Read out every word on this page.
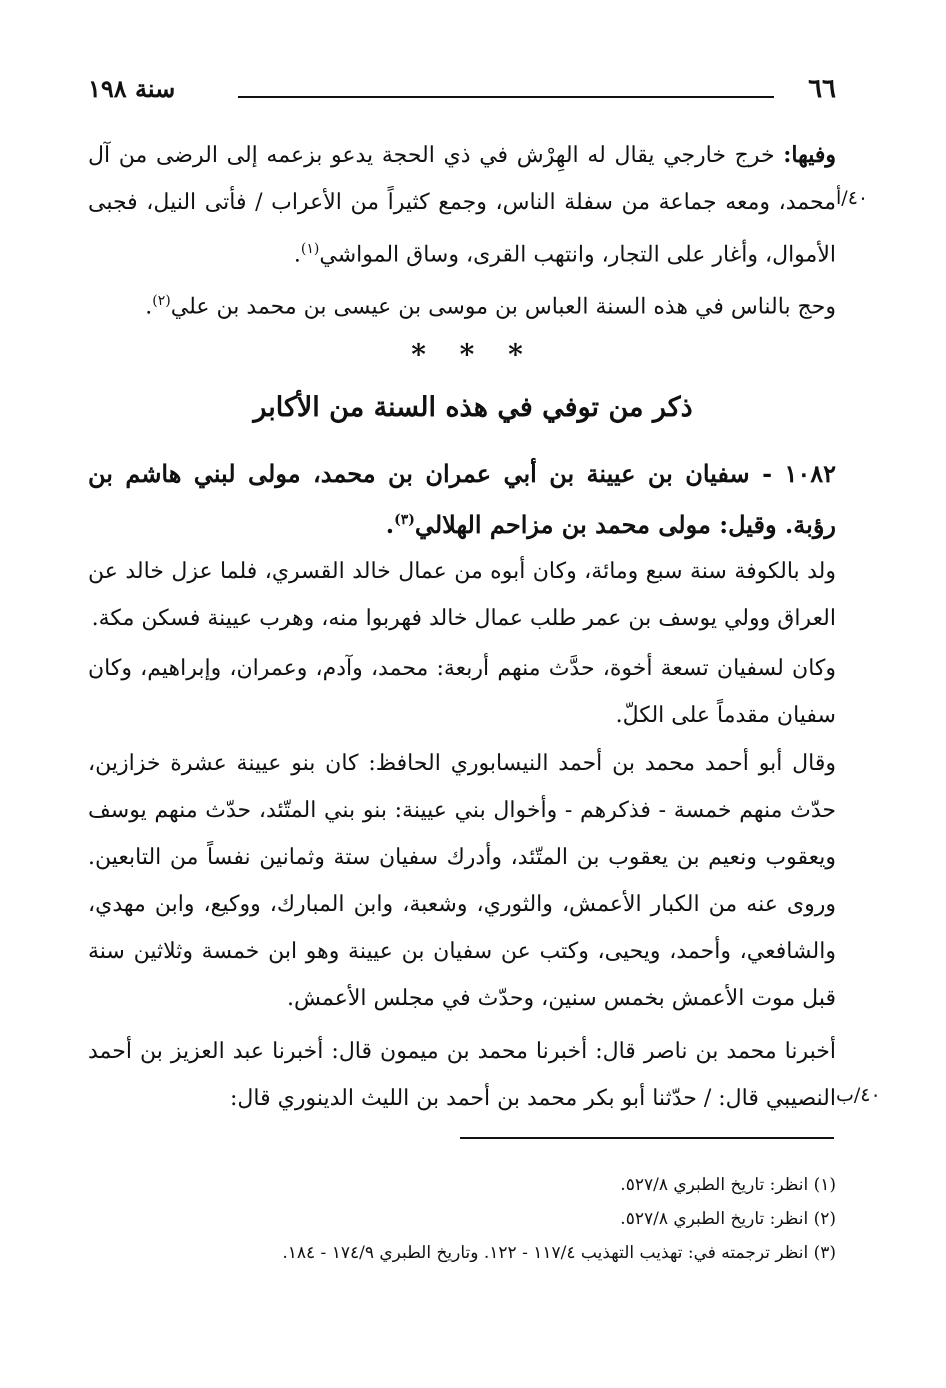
٦٦
سنة ١٩٨
وفيها: خرج خارجي يقال له الهِرْش في ذي الحجة يدعو بزعمه إلى الرضى من آل محمد، ومعه جماعة من سفلة الناس، وجمع كثيراً من الأعراب / فأتى النيل، فجبى الأموال، وأغار على التجار، وانتهب القرى، وساق المواشي$^{(١)}$.
٤٠/أ
وحج بالناس في هذه السنة العباس بن موسى بن عيسى بن محمد بن علي$^{(٢)}$.
* * *
ذكر من توفي في هذه السنة من الأكابر
١٠٨٢ - سفيان بن عيينة بن أبي عمران بن محمد، مولى لبني هاشم بن رؤبة. وقيل: مولى محمد بن مزاحم الهلالي$^{(٣)}$.
ولد بالكوفة سنة سبع ومائة، وكان أبوه من عمال خالد القسري، فلما عزل خالد عن العراق وولي يوسف بن عمر طلب عمال خالد فهربوا منه، وهرب عيينة فسكن مكة.
وكان لسفيان تسعة أخوة، حدَّث منهم أربعة: محمد، وآدم، وعمران، وإبراهيم، وكان سفيان مقدماً على الكلّ.
وقال أبو أحمد محمد بن أحمد النيسابوري الحافظ: كان بنو عيينة عشرة خزازين، حدّث منهم خمسة - فذكرهم - وأخوال بني عيينة: بنو بني المتّئد، حدّث منهم يوسف ويعقوب ونعيم بن يعقوب بن المتّئد، وأدرك سفيان ستة وثمانين نفساً من التابعين. وروى عنه من الكبار الأعمش، والثوري، وشعبة، وابن المبارك، ووكيع، وابن مهدي، والشافعي، وأحمد، ويحيى، وكتب عن سفيان بن عيينة وهو ابن خمسة وثلاثين سنة قبل موت الأعمش بخمس سنين، وحدّث في مجلس الأعمش.
أخبرنا محمد بن ناصر قال: أخبرنا محمد بن ميمون قال: أخبرنا عبد العزيز بن أحمد النصيبي قال: / حدّثنا أبو بكر محمد بن أحمد بن الليث الدينوري قال: ٤٠/ب
(١) انظر: تاريخ الطبري ٥٢٧/٨.
(٢) انظر: تاريخ الطبري ٥٢٧/٨.
(٣) انظر ترجمته في: تهذيب التهذيب ١١٧/٤ - ١٢٢. وتاريخ الطبري ١٧٤/٩ - ١٨٤.
